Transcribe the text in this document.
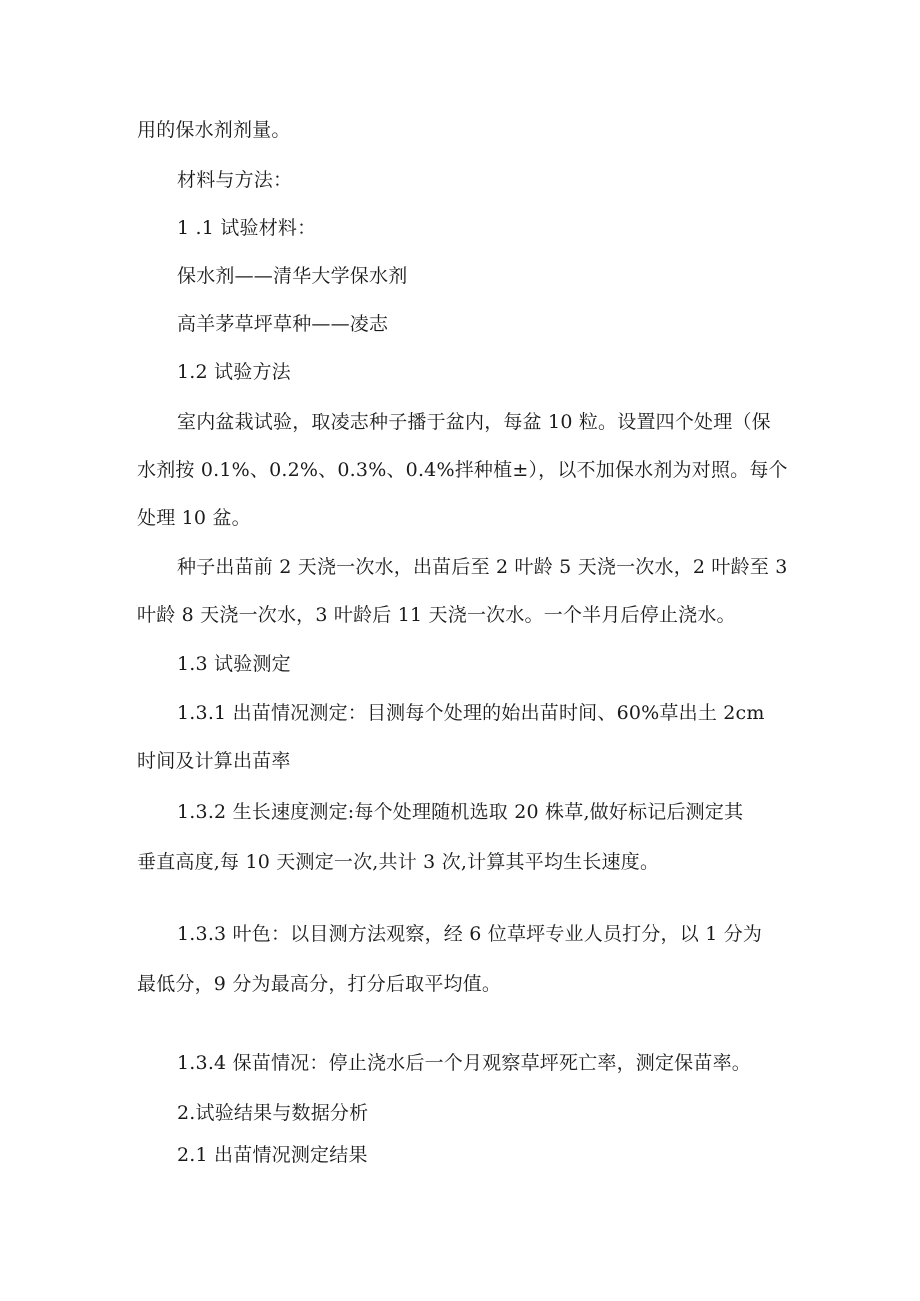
用的保水剂剂量。
材料与方法：
1 .1 试验材料：
保水剂——清华大学保水剂
高羊茅草坪草种——凌志
1.2 试验方法
室内盆栽试验，取凌志种子播于盆内，每盆 10 粒。设置四个处理（保
水剂按 0.1%、0.2%、0.3%、0.4%拌种植±），以不加保水剂为对照。每个
处理 10 盆。
种子出苗前 2 天浇一次水，出苗后至 2 叶龄 5 天浇一次水，2 叶龄至 3
叶龄 8 天浇一次水，3 叶龄后 11 天浇一次水。一个半月后停止浇水。
1.3 试验测定
1.3.1 出苗情况测定：目测每个处理的始出苗时间、60%草出土 2cm
时间及计算出苗率
1.3.2 生长速度测定:每个处理随机选取 20 株草,做好标记后测定其
垂直高度,每 10 天测定一次,共计 3 次,计算其平均生长速度。
1.3.3 叶色：以目测方法观察，经 6 位草坪专业人员打分，以 1 分为
最低分，9 分为最高分，打分后取平均值。
1.3.4 保苗情况：停止浇水后一个月观察草坪死亡率，测定保苗率。
2.试验结果与数据分析
2.1 出苗情况测定结果
